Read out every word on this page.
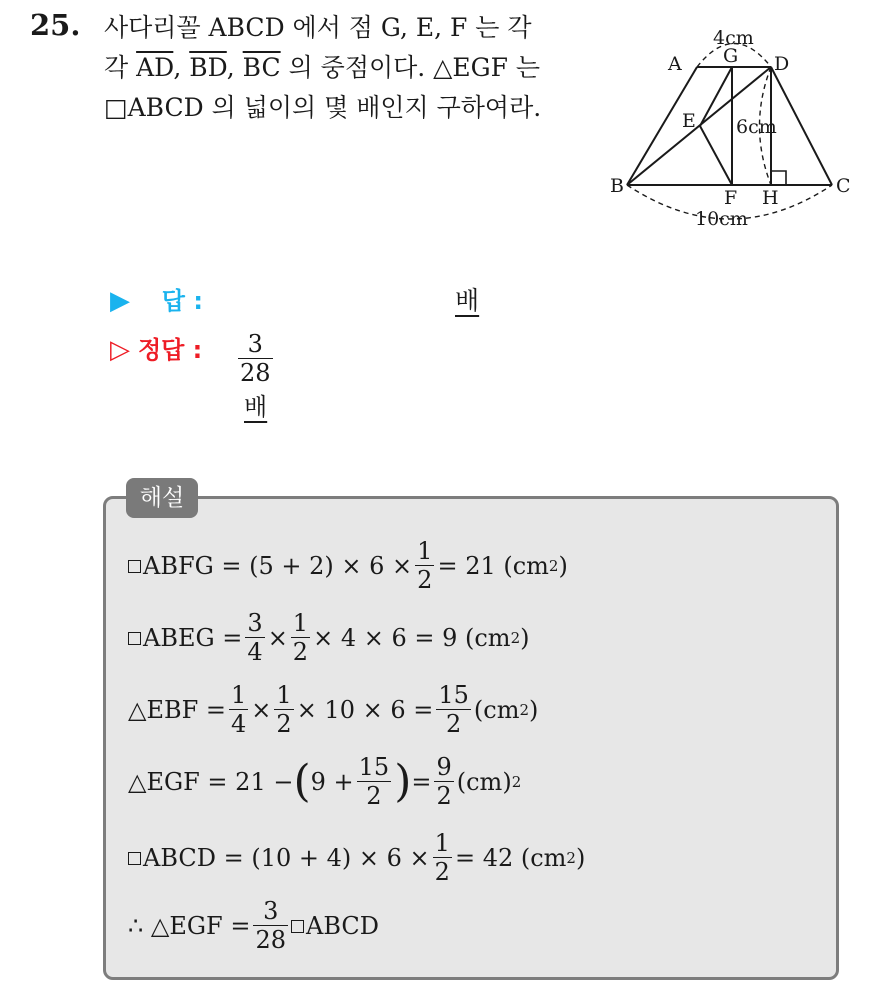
25. 사다리꼴 ABCD 에서 점 G, E, F 는 각
각 $\overline{AD}$, $\overline{BD}$, $\overline{BC}$ 의 중점이다. △EGF 는
□ABCD 의 넓이의 몇 배인지 구하여라.
A G D
E
B
F H
C
4cm
6cm
10cm
▶ 답 :	배
▷ 정답 : $\frac{3}{28}$
배
해설
ABFG = $(5 + 2) \times 6 \times \frac{1}{2} = 21$ (cm 2 )
ABEG = $\frac{3}{4} \times \frac{1}{2} \times 4 \times 6 = 9$ (cm 2 )
△EBF = $\frac{1}{4} \times \frac{1}{2} \times 10 \times 6 = \frac{15}{2} (cm$ 2 )
△EGF = 21 − ( $9 + \frac{15}{2}$ ) = $\frac{9}{2} (cm)$ 2
ABCD = $(10 + 4) \times 6 \times \frac{1}{2} = 42$ (cm 2 )
∴ △EGF = $\frac{3}{28}$ ABCD
